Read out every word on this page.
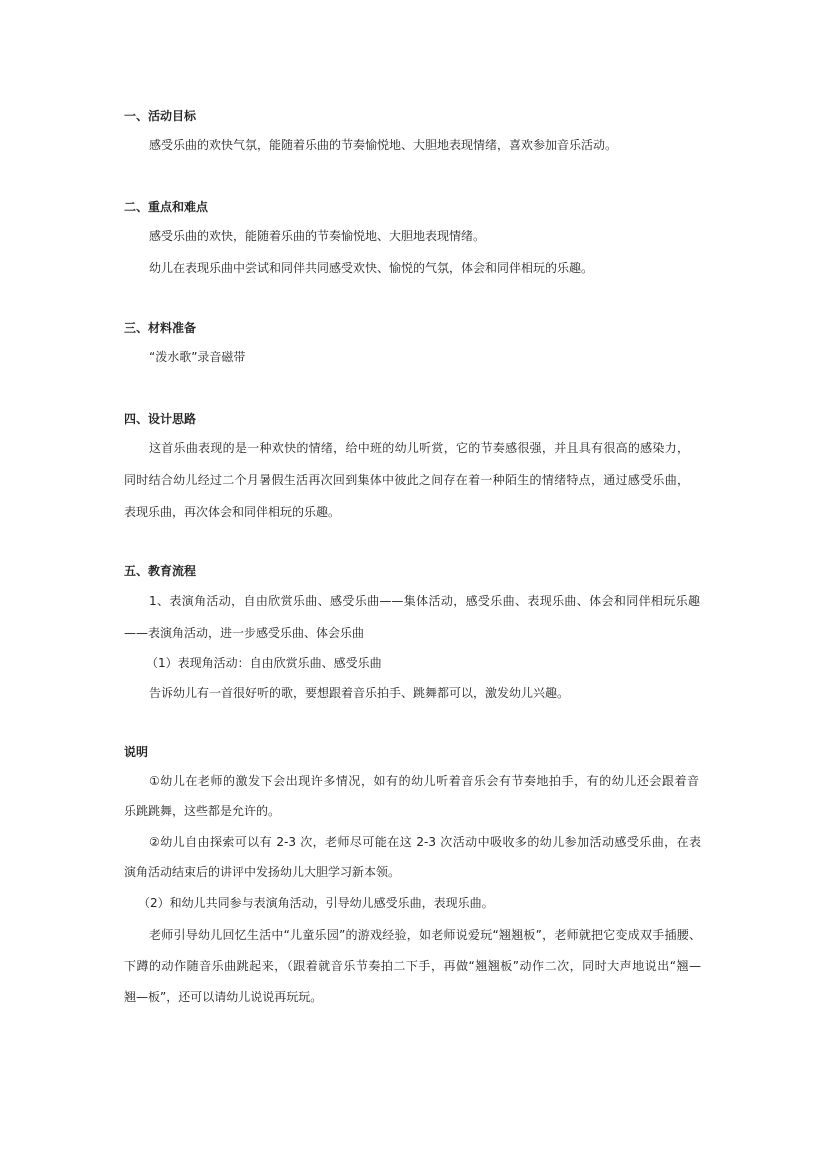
一、活动目标
感受乐曲的欢快气氛，能随着乐曲的节奏愉悦地、大胆地表现情绪，喜欢参加音乐活动。
二、重点和难点
感受乐曲的欢快，能随着乐曲的节奏愉悦地、大胆地表现情绪。
幼儿在表现乐曲中尝试和同伴共同感受欢快、愉悦的气氛，体会和同伴相玩的乐趣。
三、材料准备
“泼水歌”录音磁带
四、设计思路
这首乐曲表现的是一种欢快的情绪，给中班的幼儿听赏，它的节奏感很强，并且具有很高的感染力，
同时结合幼儿经过二个月暑假生活再次回到集体中彼此之间存在着一种陌生的情绪特点，通过感受乐曲，
表现乐曲，再次体会和同伴相玩的乐趣。
五、教育流程
1、表演角活动，自由欣赏乐曲、感受乐曲——集体活动，感受乐曲、表现乐曲、体会和同伴相玩乐趣
——表演角活动，进一步感受乐曲、体会乐曲
（1）表现角活动：自由欣赏乐曲、感受乐曲
告诉幼儿有一首很好听的歌，要想跟着音乐拍手、跳舞都可以，激发幼儿兴趣。
说明
①幼儿在老师的激发下会出现许多情况，如有的幼儿听着音乐会有节奏地拍手，有的幼儿还会跟着音
乐跳跳舞，这些都是允许的。
②幼儿自由探索可以有 2-3 次，老师尽可能在这 2-3 次活动中吸收多的幼儿参加活动感受乐曲，在表
演角活动结束后的讲评中发扬幼儿大胆学习新本领。
（2）和幼儿共同参与表演角活动，引导幼儿感受乐曲，表现乐曲。
老师引导幼儿回忆生活中“儿童乐园”的游戏经验，如老师说爱玩“翘翘板”，老师就把它变成双手插腰、
下蹲的动作随音乐曲跳起来，（跟着就音乐节奏拍二下手，再做“翘翘板”动作二次，同时大声地说出“翘—
翘—板”，还可以请幼儿说说再玩玩。
